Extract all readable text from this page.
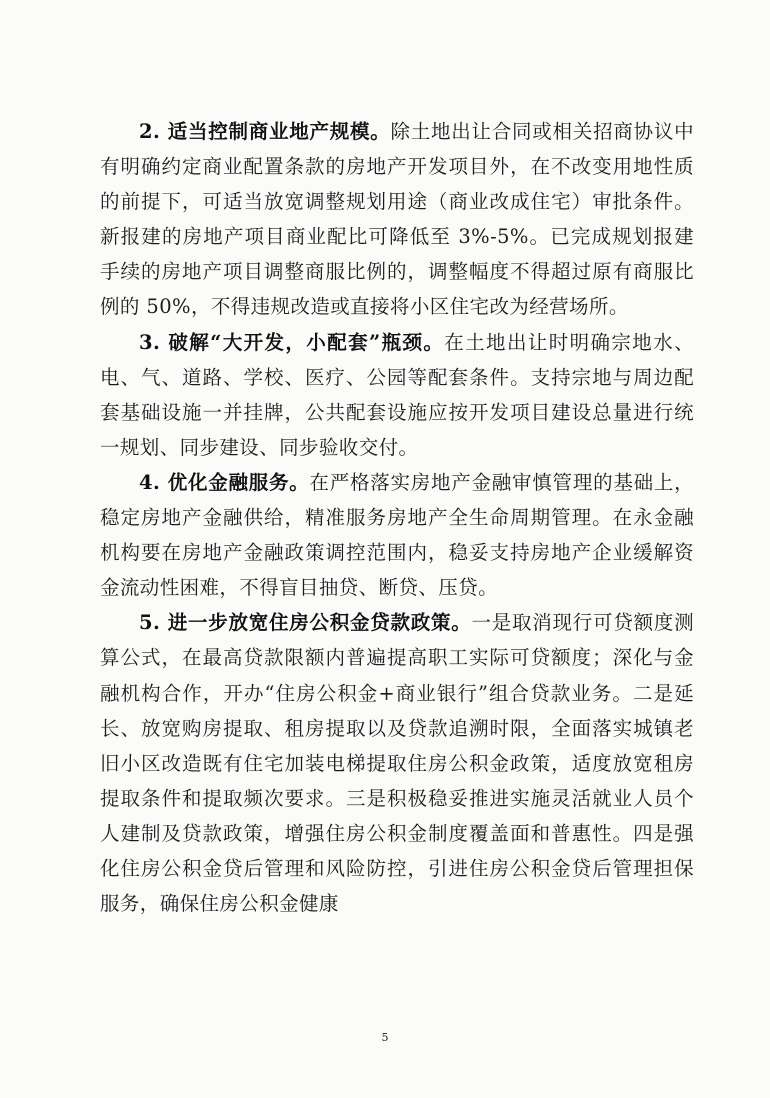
2. 适当控制商业地产规模。除土地出让合同或相关招商协议中有明确约定商业配置条款的房地产开发项目外，在不改变用地性质的前提下，可适当放宽调整规划用途（商业改成住宅）审批条件。新报建的房地产项目商业配比可降低至 3%-5%。已完成规划报建手续的房地产项目调整商服比例的，调整幅度不得超过原有商服比例的 50%，不得违规改造或直接将小区住宅改为经营场所。

3. 破解“大开发，小配套”瓶颈。在土地出让时明确宗地水、电、气、道路、学校、医疗、公园等配套条件。支持宗地与周边配套基础设施一并挂牌，公共配套设施应按开发项目建设总量进行统一规划、同步建设、同步验收交付。

4. 优化金融服务。在严格落实房地产金融审慎管理的基础上，稳定房地产金融供给，精准服务房地产全生命周期管理。在永金融机构要在房地产金融政策调控范围内，稳妥支持房地产企业缓解资金流动性困难，不得盲目抽贷、断贷、压贷。

5. 进一步放宽住房公积金贷款政策。一是取消现行可贷额度测算公式，在最高贷款限额内普遍提高职工实际可贷额度；深化与金融机构合作，开办“住房公积金+商业银行”组合贷款业务。二是延长、放宽购房提取、租房提取以及贷款追溯时限，全面落实城镇老旧小区改造既有住宅加装电梯提取住房公积金政策，适度放宽租房提取条件和提取频次要求。三是积极稳妥推进实施灵活就业人员个人建制及贷款政策，增强住房公积金制度覆盖面和普惠性。四是强化住房公积金贷后管理和风险防控，引进住房公积金贷后管理担保服务，确保住房公积金健康

5
